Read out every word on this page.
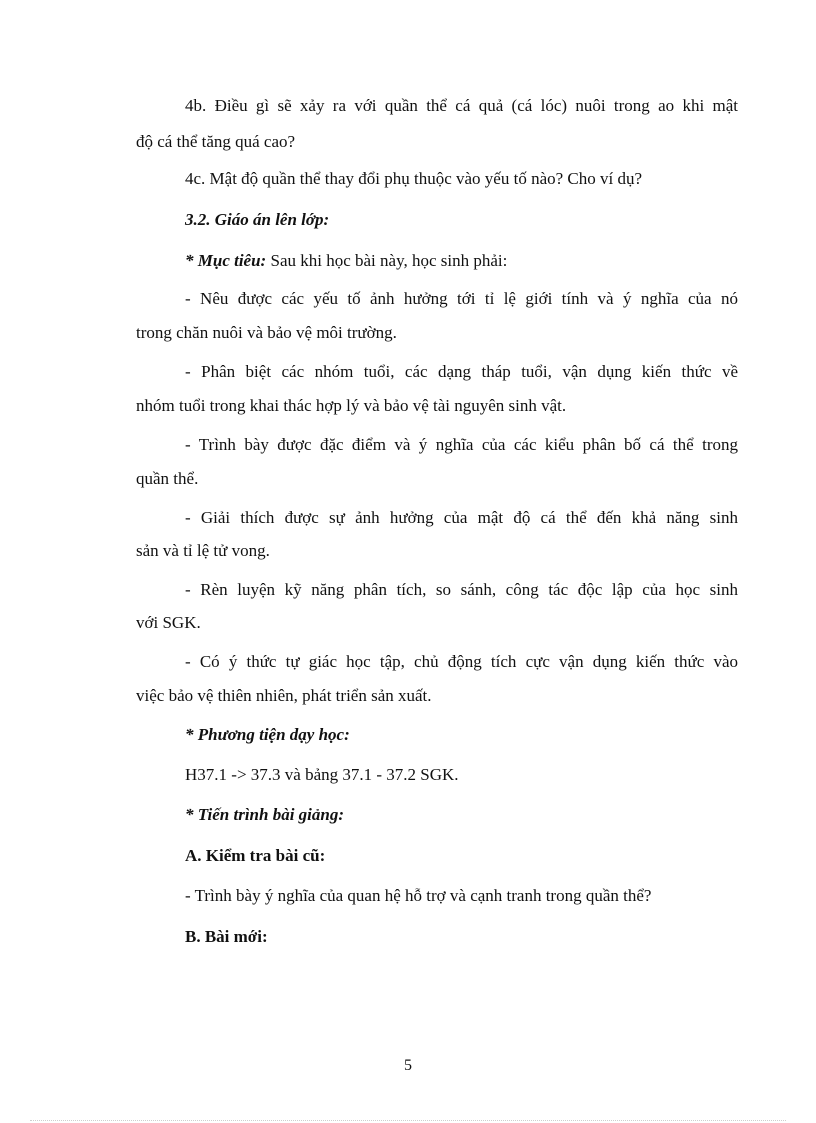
4b. Điều gì sẽ xảy ra với quần thể cá quả (cá lóc) nuôi trong ao khi mật
độ cá thể tăng quá cao?
4c. Mật độ quần thể thay đổi phụ thuộc vào yếu tố nào? Cho ví dụ?
3.2. Giáo án lên lớp:
* Mục tiêu: Sau khi học bài này, học sinh phải:
- Nêu được các yếu tố ảnh hưởng tới tỉ lệ giới tính và ý nghĩa của nó
trong chăn nuôi và bảo vệ môi trường.
- Phân biệt các nhóm tuổi, các dạng tháp tuổi, vận dụng kiến thức về
nhóm tuổi trong khai thác hợp lý và bảo vệ tài nguyên sinh vật.
- Trình bày được đặc điểm và ý nghĩa của các kiểu phân bố cá thể trong
quần thể.
- Giải thích được sự ảnh hưởng của mật độ cá thể đến khả năng sinh
sản và tỉ lệ tử vong.
- Rèn luyện kỹ năng phân tích, so sánh, công tác độc lập của học sinh
với SGK.
- Có ý thức tự giác học tập, chủ động tích cực vận dụng kiến thức vào
việc bảo vệ thiên nhiên, phát triển sản xuất.
* Phương tiện dạy học:
H37.1 -> 37.3 và bảng 37.1 - 37.2 SGK.
* Tiến trình bài giảng:
A. Kiểm tra bài cũ:
- Trình bày ý nghĩa của quan hệ hỗ trợ và cạnh tranh trong quần thể?
B. Bài mới:
5
